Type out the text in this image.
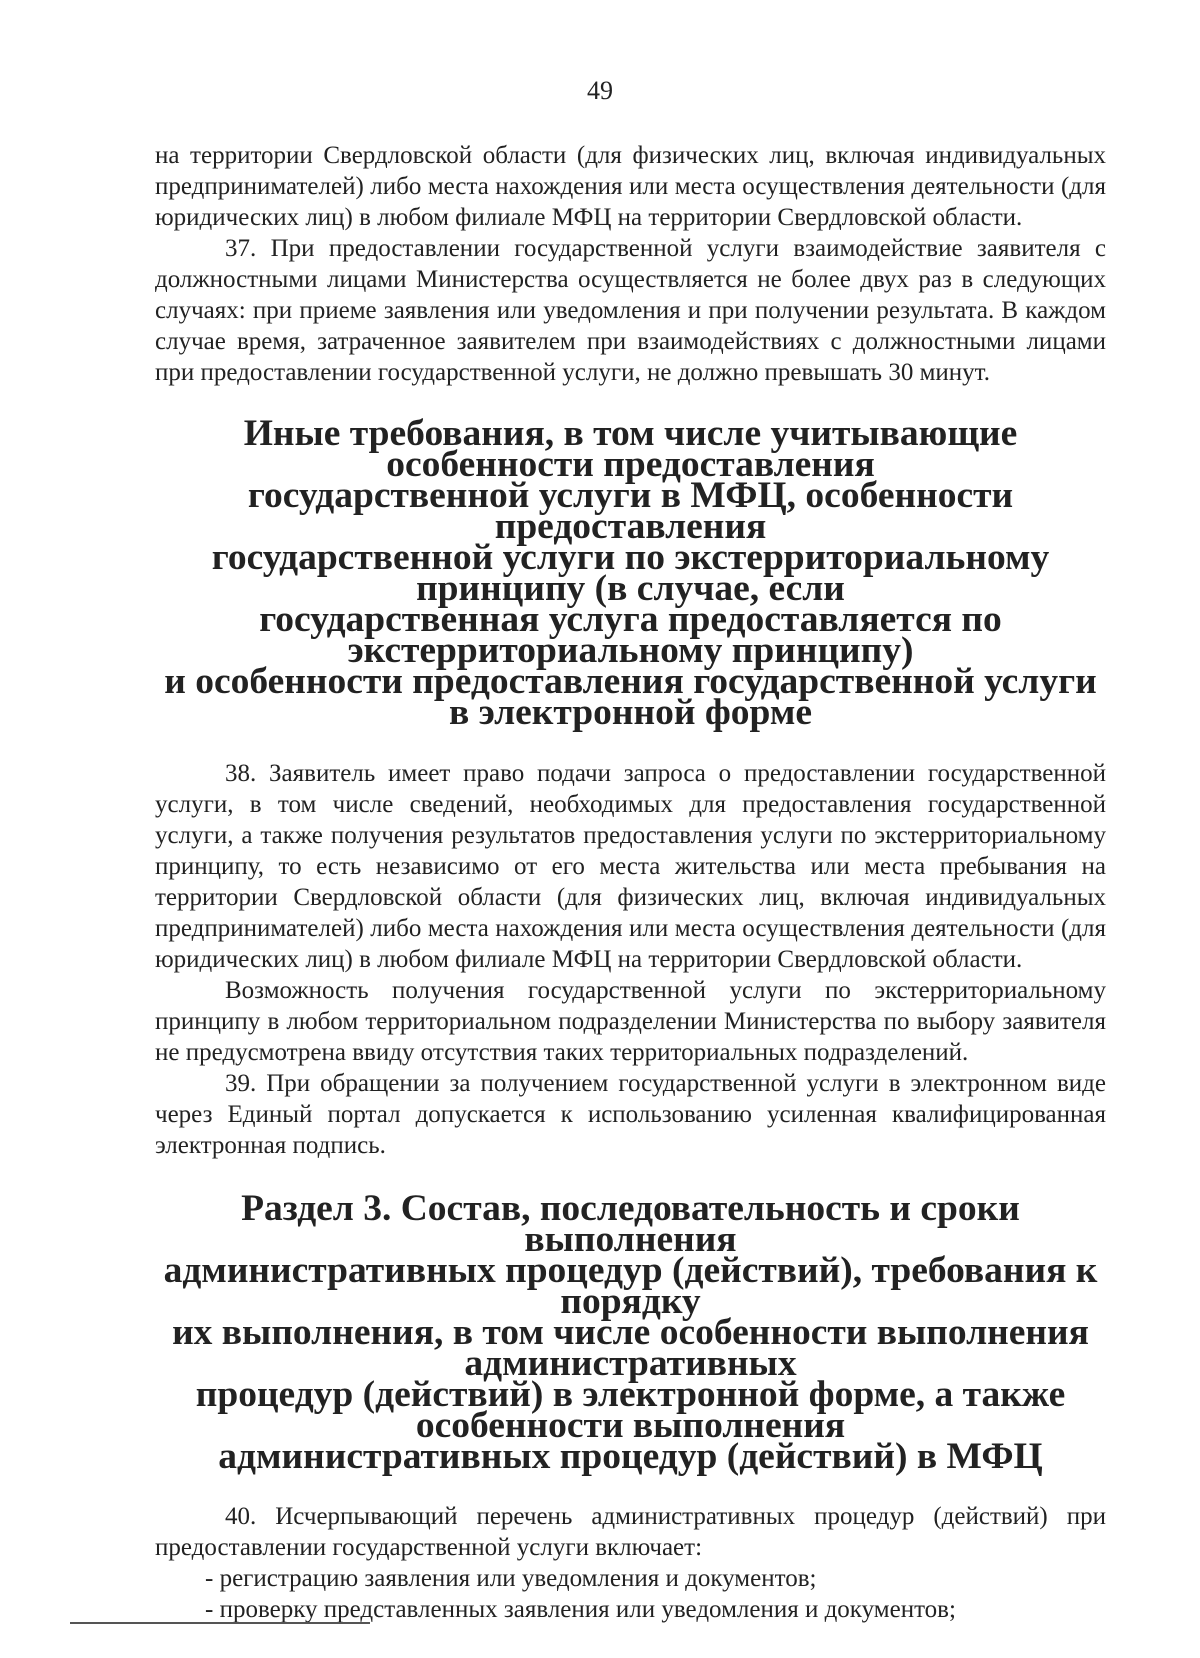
49

на территории Свердловской области (для физических лиц, включая индивидуальных предпринимателей) либо места нахождения или места осуществления деятельности (для юридических лиц) в любом филиале МФЦ на территории Свердловской области.

37. При предоставлении государственной услуги взаимодействие заявителя с должностными лицами Министерства осуществляется не более двух раз в следующих случаях: при приеме заявления или уведомления и при получении результата. В каждом случае время, затраченное заявителем при взаимодействиях с должностными лицами при предоставлении государственной услуги, не должно превышать 30 минут.

Иные требования, в том числе учитывающие особенности предоставления
государственной услуги в МФЦ, особенности предоставления
государственной услуги по экстерриториальному принципу (в случае, если
государственная услуга предоставляется по экстерриториальному принципу)
и особенности предоставления государственной услуги в электронной форме

38. Заявитель имеет право подачи запроса о предоставлении государственной услуги, в том числе сведений, необходимых для предоставления государственной услуги, а также получения результатов предоставления услуги по экстерриториальному принципу, то есть независимо от его места жительства или места пребывания на территории Свердловской области (для физических лиц, включая индивидуальных предпринимателей) либо места нахождения или места осуществления деятельности (для юридических лиц) в любом филиале МФЦ на территории Свердловской области.

Возможность получения государственной услуги по экстерриториальному принципу в любом территориальном подразделении Министерства по выбору заявителя не предусмотрена ввиду отсутствия таких территориальных подразделений.

39. При обращении за получением государственной услуги в электронном виде через Единый портал допускается к использованию усиленная квалифицированная электронная подпись.

Раздел 3. Состав, последовательность и сроки выполнения
административных процедур (действий), требования к порядку
их выполнения, в том числе особенности выполнения административных
процедур (действий) в электронной форме, а также особенности выполнения
административных процедур (действий) в МФЦ

40. Исчерпывающий перечень административных процедур (действий) при предоставлении государственной услуги включает:

- регистрацию заявления или уведомления и документов;

- проверку представленных заявления или уведомления и документов;
